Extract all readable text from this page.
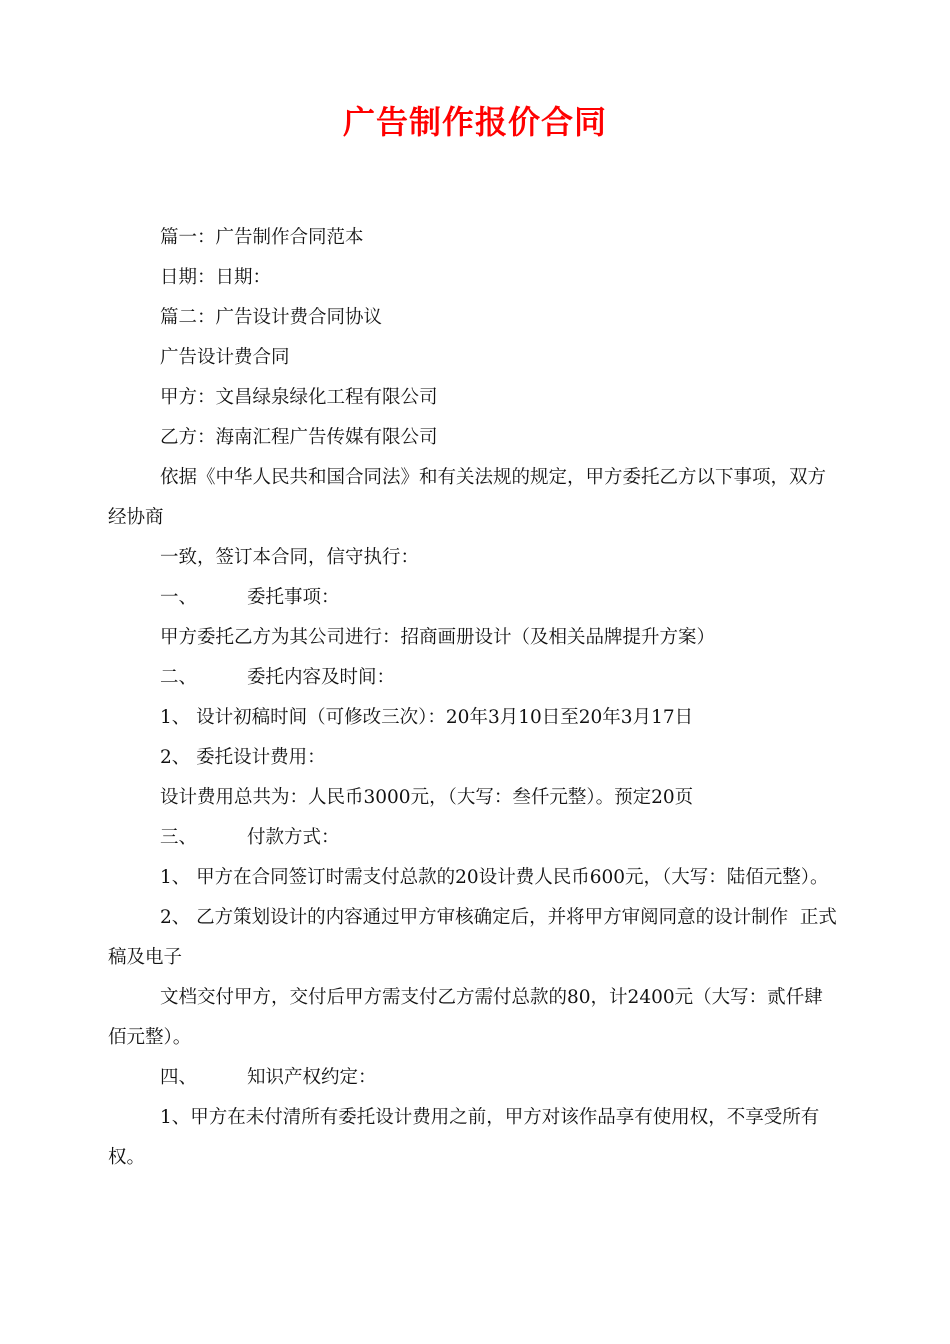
广告制作报价合同

篇一：广告制作合同范本

日期：日期：

篇二：广告设计费合同协议

广告设计费合同

甲方：文昌绿泉绿化工程有限公司

乙方：海南汇程广告传媒有限公司

依据《中华人民共和国合同法》和有关法规的规定，甲方委托乙方以下事项，双方经协商

一致，签订本合同，信守执行：

一、	委托事项：

甲方委托乙方为其公司进行：招商画册设计（及相关品牌提升方案）

二、	委托内容及时间：

1、 设计初稿时间（可修改三次）：20年3月10日至20年3月17日

2、 委托设计费用：

设计费用总共为：人民币3000元，（大写：叁仟元整）。预定20页

三、	付款方式：

1、 甲方在合同签订时需支付总款的20设计费人民币600元，（大写：陆佰元整）。

2、 乙方策划设计的内容通过甲方审核确定后，并将甲方审阅同意的设计制作  正式稿及电子

文档交付甲方，交付后甲方需支付乙方需付总款的80，计2400元（大写：贰仟肆佰元整）。

四、	知识产权约定：

1、甲方在未付清所有委托设计费用之前，甲方对该作品享有使用权，不享受所有权。
